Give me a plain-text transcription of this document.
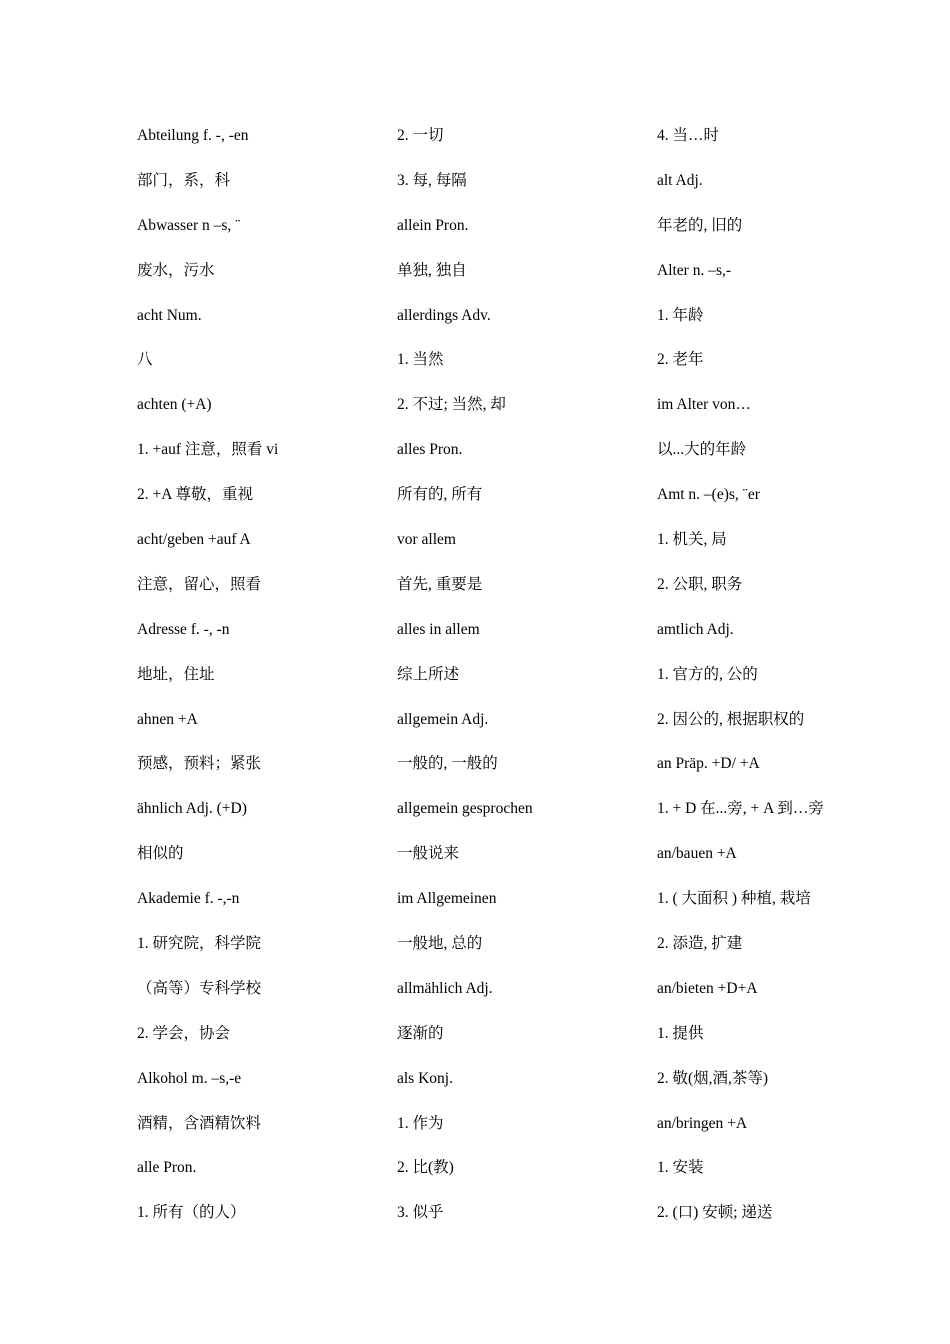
Abteilung f. -, -en
部门，系，科
Abwasser n –s, ¨
废水，污水
acht Num.
八
achten (+A)
1. +auf 注意，照看 vi
2. +A 尊敬，重视
acht/geben +auf A
注意，留心，照看
Adresse f. -, -n
地址，住址
ahnen +A
预感，预料；紧张
ähnlich Adj. (+D)
相似的
Akademie f. -,-n
1. 研究院，科学院
（高等）专科学校
2. 学会，协会
Alkohol m. –s,-e
酒精，含酒精饮料
alle Pron.
1. 所有（的人）
2. 一切
3. 每, 每隔
allein Pron.
单独, 独自
allerdings Adv.
1. 当然
2. 不过; 当然, 却
alles Pron.
所有的, 所有
vor allem
首先, 重要是
alles in allem
综上所述
allgemein Adj.
一般的, 一般的
allgemein gesprochen
一般说来
im Allgemeinen
一般地, 总的
allmählich Adj.
逐渐的
als Konj.
1. 作为
2. 比(教)
3. 似乎
4. 当…时
alt Adj.
年老的, 旧的
Alter n. –s,-
1. 年龄
2. 老年
im Alter von…
以...大的年龄
Amt n. –(e)s, ¨er
1. 机关, 局
2. 公职, 职务
amtlich Adj.
1. 官方的, 公的
2. 因公的, 根据职权的
an Präp. +D/ +A
1. + D 在...旁, + A 到…旁
an/bauen +A
1. ( 大面积 ) 种植, 栽培
2. 添造, 扩建
an/bieten +D+A
1. 提供
2. 敬(烟,酒,茶等)
an/bringen +A
1. 安装
2. (口) 安顿; 递送
